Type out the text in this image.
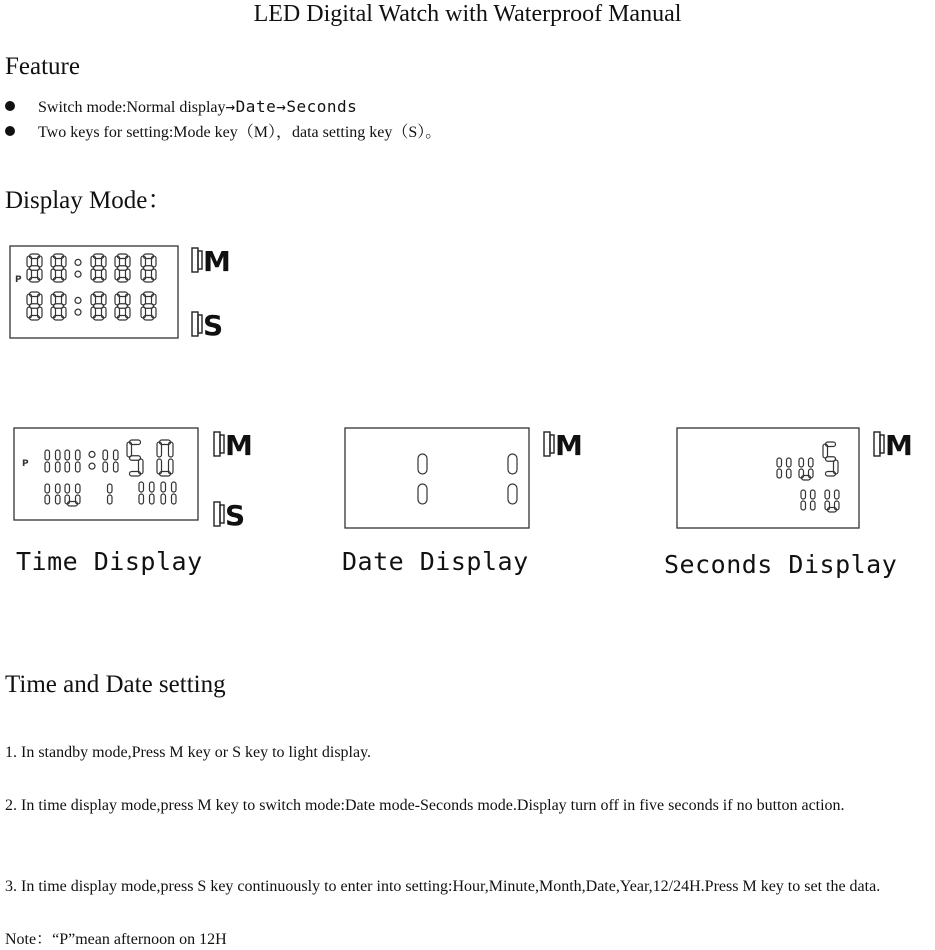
LED Digital Watch with Waterproof Manual
Feature
Switch mode:Normal display→Date→Seconds
Two keys for setting:Mode key（M），data setting key（S）。
Display Mode：
P
M
S
P
M
S
M	M
Time Display	Date Display	Seconds Display
Time and Date setting
1. In standby mode,Press M key or S key to light display.
2. In time display mode,press M key to switch mode:Date mode-Seconds mode.Display turn off in five seconds if no button action.
3. In time display mode,press S key continuously to enter into setting:Hour,Minute,Month,Date,Year,12/24H.Press M key to set the data.
Note：“P”mean afternoon on 12H
